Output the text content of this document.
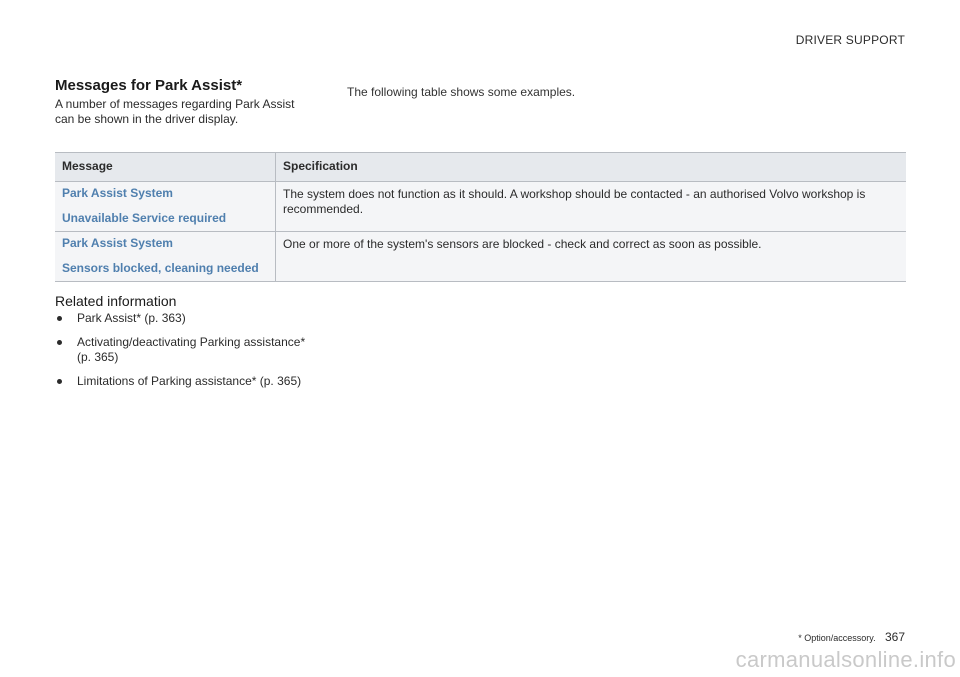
DRIVER SUPPORT
Messages for Park Assist*

A number of messages regarding Park Assist can be shown in the driver display.

The following table shows some examples.

Message	Specification

Park Assist System
Unavailable Service required	The system does not function as it should. A workshop should be contacted - an authorised Volvo workshop is recommended.

Park Assist System
Sensors blocked, cleaning needed	One or more of the system's sensors are blocked - check and correct as soon as possible.
Related information
Park Assist* (p. 363)
Activating/deactivating Parking assistance* (p. 365)
Limitations of Parking assistance* (p. 365)
* Option/accessory. 367
carmanualsonline.info
